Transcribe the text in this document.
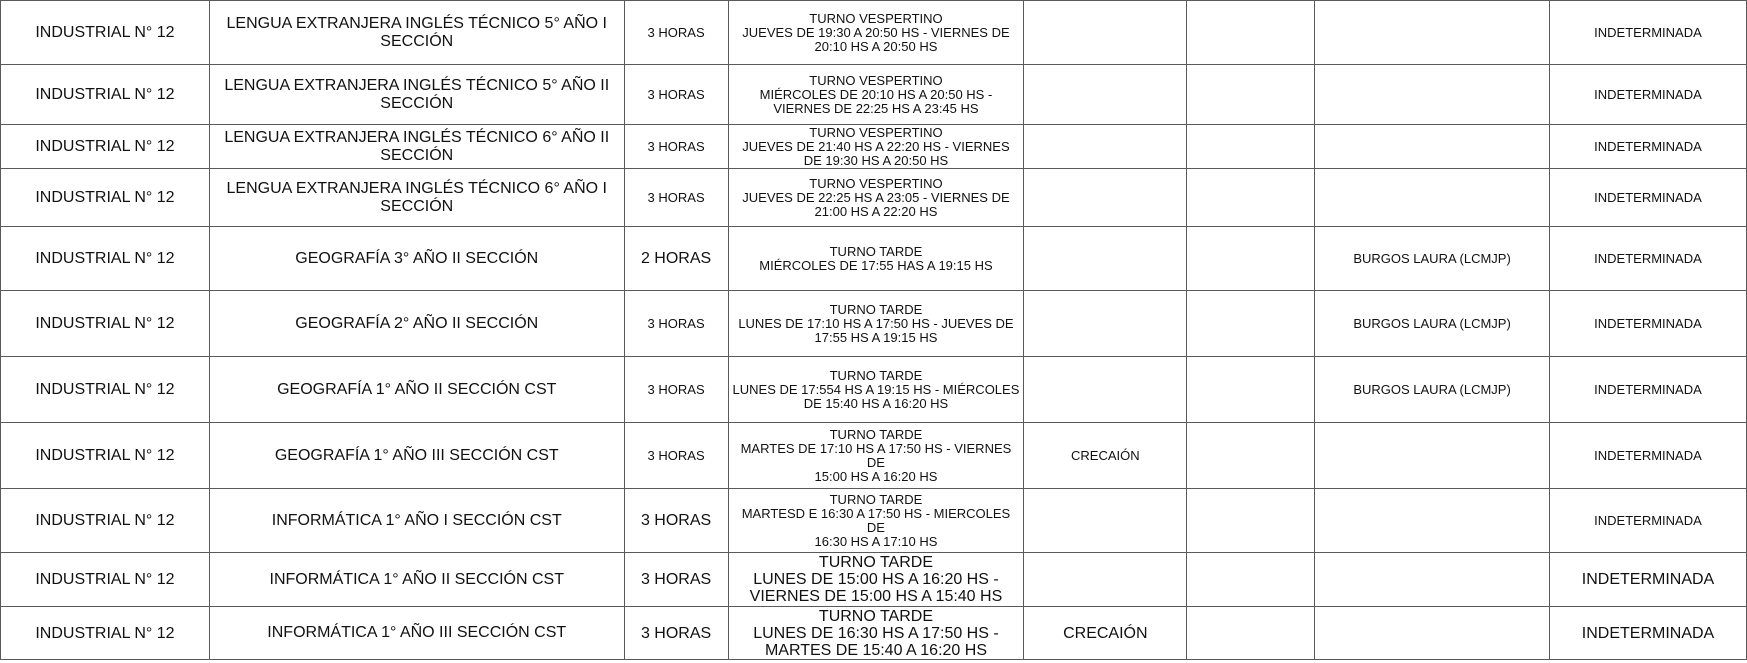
INDUSTRIAL N° 12	LENGUA EXTRANJERA INGLÉS TÉCNICO 5° AÑO I SECCIÓN	3 HORAS	TURNO VESPERTINO
JUEVES DE 19:30 A 20:50 HS - VIERNES DE
20:10 HS A 20:50 HS				INDETERMINADA
INDUSTRIAL N° 12	LENGUA EXTRANJERA INGLÉS TÉCNICO 5° AÑO II SECCIÓN	3 HORAS	TURNO VESPERTINO
MIÉRCOLES DE 20:10 HS A 20:50 HS -
VIERNES DE 22:25 HS A 23:45 HS				INDETERMINADA
INDUSTRIAL N° 12	LENGUA EXTRANJERA INGLÉS TÉCNICO 6° AÑO II SECCIÓN	3 HORAS	TURNO VESPERTINO
JUEVES DE 21:40 HS A 22:20 HS - VIERNES
DE 19:30 HS A 20:50 HS				INDETERMINADA
INDUSTRIAL N° 12	LENGUA EXTRANJERA INGLÉS TÉCNICO 6° AÑO I SECCIÓN	3 HORAS	TURNO VESPERTINO
JUEVES DE 22:25 HS A 23:05 - VIERNES DE
21:00 HS A 22:20 HS				INDETERMINADA
INDUSTRIAL N° 12	GEOGRAFÍA 3° AÑO II SECCIÓN	2 HORAS	TURNO TARDE
MIÉRCOLES DE 17:55 HAS A 19:15 HS			BURGOS LAURA (LCMJP)	INDETERMINADA
INDUSTRIAL N° 12	GEOGRAFÍA 2° AÑO II SECCIÓN	3 HORAS	TURNO TARDE
LUNES DE 17:10 HS A 17:50 HS - JUEVES DE
17:55 HS A 19:15 HS			BURGOS LAURA (LCMJP)	INDETERMINADA
INDUSTRIAL N° 12	GEOGRAFÍA 1° AÑO II SECCIÓN CST	3 HORAS	TURNO TARDE
LUNES DE 17:554 HS A 19:15 HS - MIÉRCOLES
DE 15:40 HS A 16:20 HS			BURGOS LAURA (LCMJP)	INDETERMINADA
INDUSTRIAL N° 12	GEOGRAFÍA 1° AÑO III SECCIÓN CST	3 HORAS	TURNO TARDE
MARTES DE 17:10 HS A 17:50 HS - VIERNES DE
15:00 HS A 16:20 HS	CRECAIÓN			INDETERMINADA
INDUSTRIAL N° 12	INFORMÁTICA 1° AÑO I SECCIÓN CST	3 HORAS	TURNO TARDE
MARTESD E 16:30 A 17:50 HS - MIERCOLES DE
16:30 HS A 17:10 HS				INDETERMINADA
INDUSTRIAL N° 12	INFORMÁTICA 1° AÑO II SECCIÓN CST	3 HORAS	TURNO TARDE
LUNES DE 15:00 HS A 16:20 HS -
VIERNES DE 15:00 HS A 15:40 HS				INDETERMINADA
INDUSTRIAL N° 12	INFORMÁTICA 1° AÑO III SECCIÓN CST	3 HORAS	TURNO TARDE
LUNES DE 16:30 HS A 17:50 HS -
MARTES DE 15:40 A 16:20 HS	CRECAIÓN			INDETERMINADA
